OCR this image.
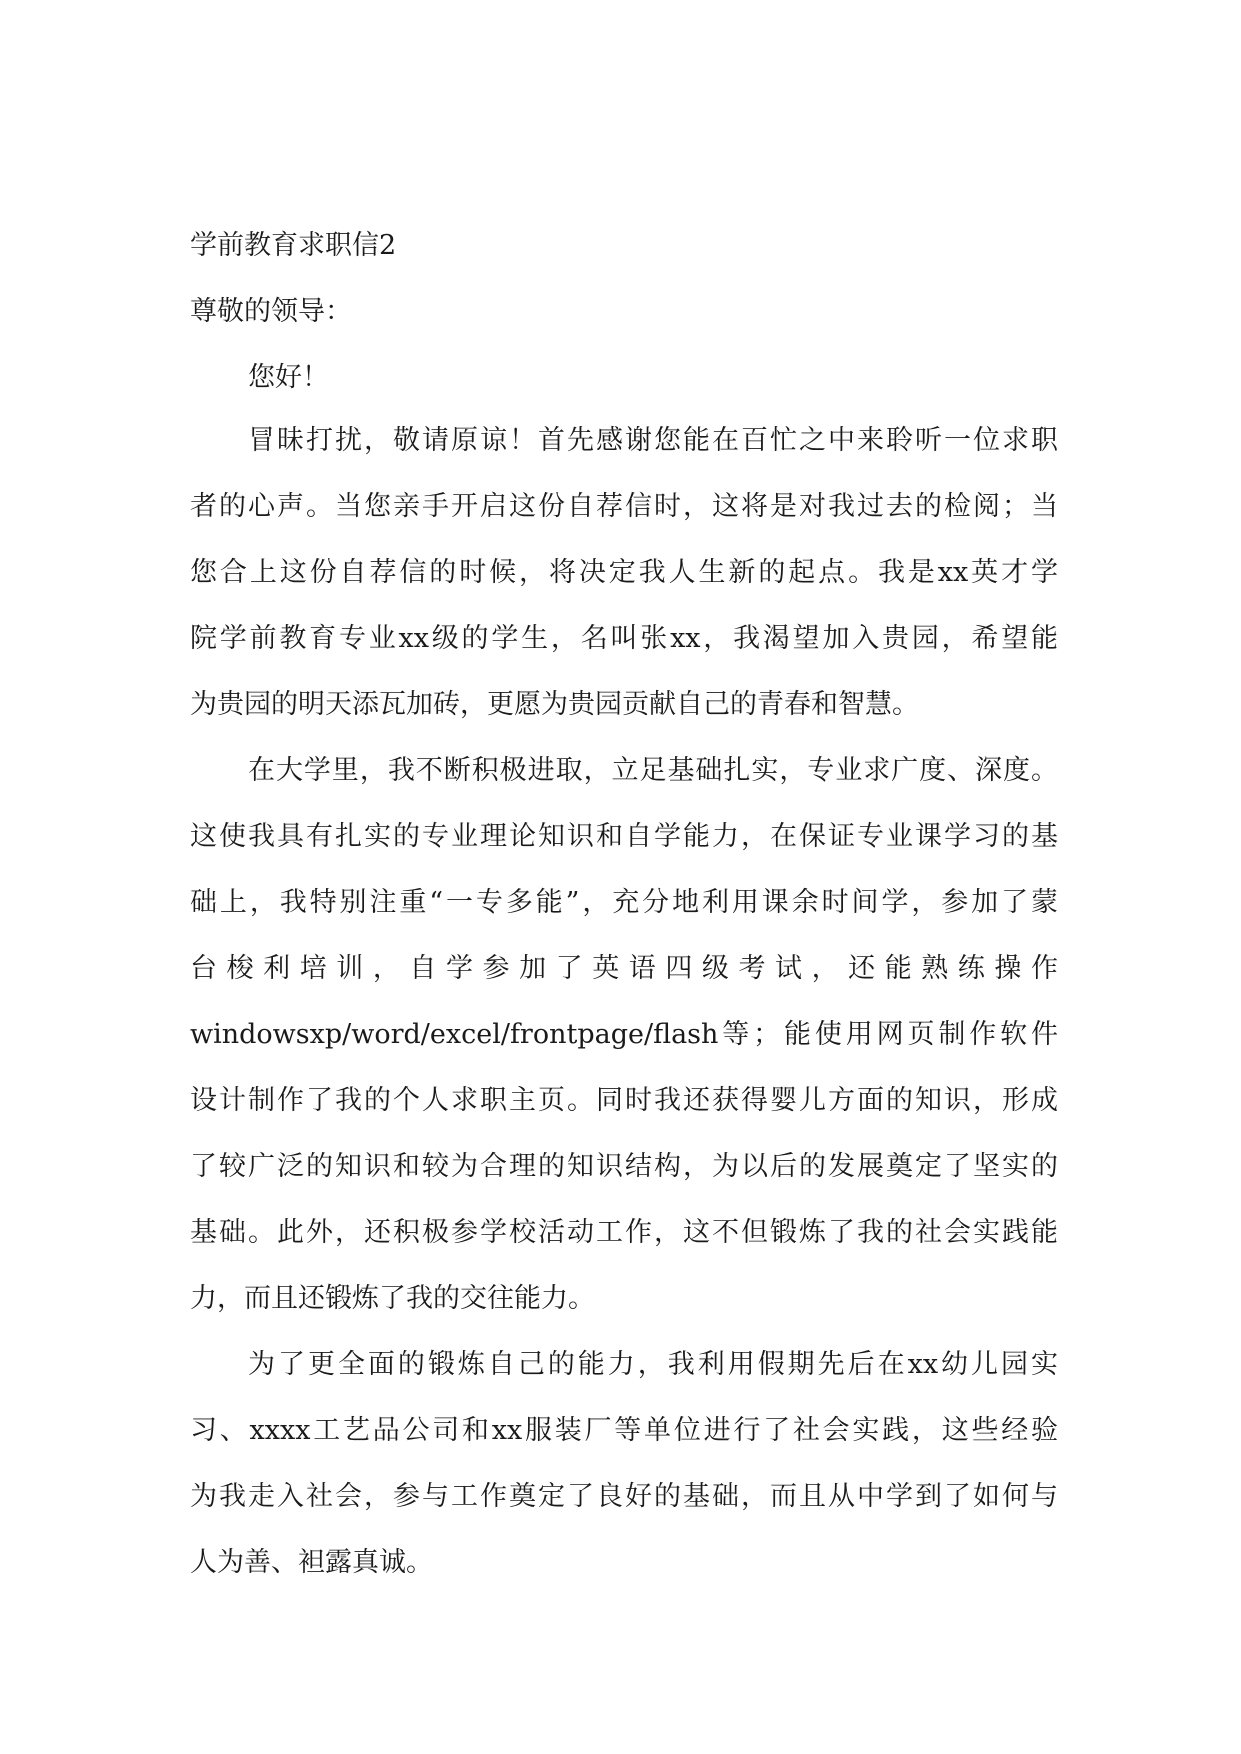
学前教育求职信2

尊敬的领导：

您好！

冒昧打扰，敬请原谅！首先感谢您能在百忙之中来聆听一位求职
者的心声。当您亲手开启这份自荐信时，这将是对我过去的检阅；当
您合上这份自荐信的时候，将决定我人生新的起点。我是xx英才学
院学前教育专业xx级的学生，名叫张xx，我渴望加入贵园，希望能
为贵园的明天添瓦加砖，更愿为贵园贡献自己的青春和智慧。
在大学里，我不断积极进取，立足基础扎实，专业求广度、深度。
这使我具有扎实的专业理论知识和自学能力，在保证专业课学习的基
础上，我特别注重“一专多能”，充分地利用课余时间学，参加了蒙
台梭利培训，自学参加了英语四级考试，还能熟练操作
windowsxp/word/excel/frontpage/flash等；能使用网页制作软件
设计制作了我的个人求职主页。同时我还获得婴儿方面的知识，形成
了较广泛的知识和较为合理的知识结构，为以后的发展奠定了坚实的
基础。此外，还积极参学校活动工作，这不但锻炼了我的社会实践能
力，而且还锻炼了我的交往能力。
为了更全面的锻炼自己的能力，我利用假期先后在xx幼儿园实
习、xxxx工艺品公司和xx服装厂等单位进行了社会实践，这些经验
为我走入社会，参与工作奠定了良好的基础，而且从中学到了如何与
人为善、袒露真诚。
